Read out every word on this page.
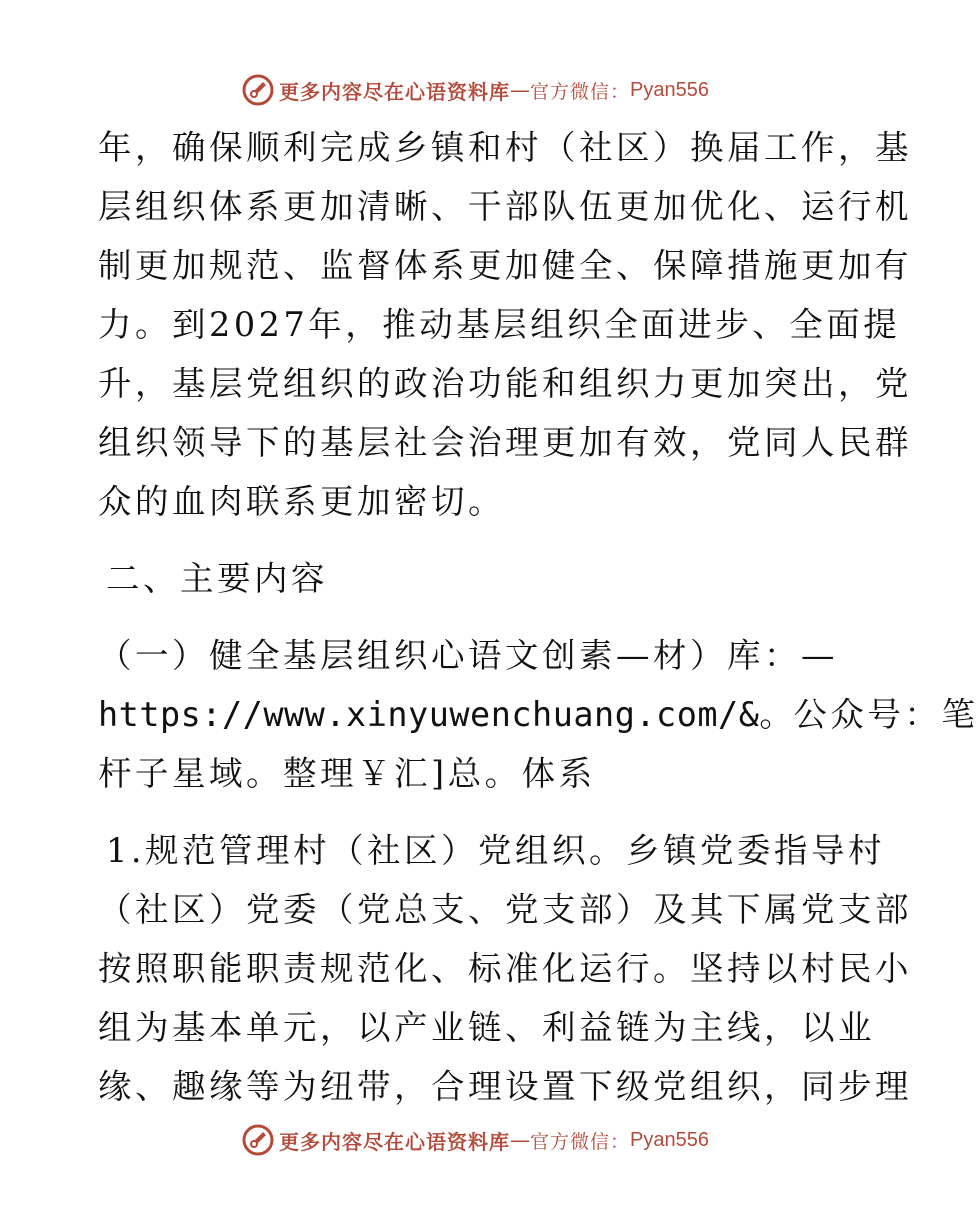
更多内容尽在心语资料库 — 官方微信： Pyan556
年，确保顺利完成乡镇和村（社区）换届工作，基
层组织体系更加清晰、干部队伍更加优化、运行机
制更加规范、监督体系更加健全、保障措施更加有
力。到2027年，推动基层组织全面进步、全面提
升，基层党组织的政治功能和组织力更加突出，党
组织领导下的基层社会治理更加有效，党同人民群
众的血肉联系更加密切。
二、主要内容
（一）健全基层组织心语文创素—材）库：—
https://www.xinyuwenchuang.com/&。公众号：笔
杆子星域。整理￥汇]总。体系
1.规范管理村（社区）党组织。乡镇党委指导村
（社区）党委（党总支、党支部）及其下属党支部
按照职能职责规范化、标准化运行。坚持以村民小
组为基本单元，以产业链、利益链为主线，以业
缘、趣缘等为纽带，合理设置下级党组织，同步理
更多内容尽在心语资料库 — 官方微信： Pyan556
